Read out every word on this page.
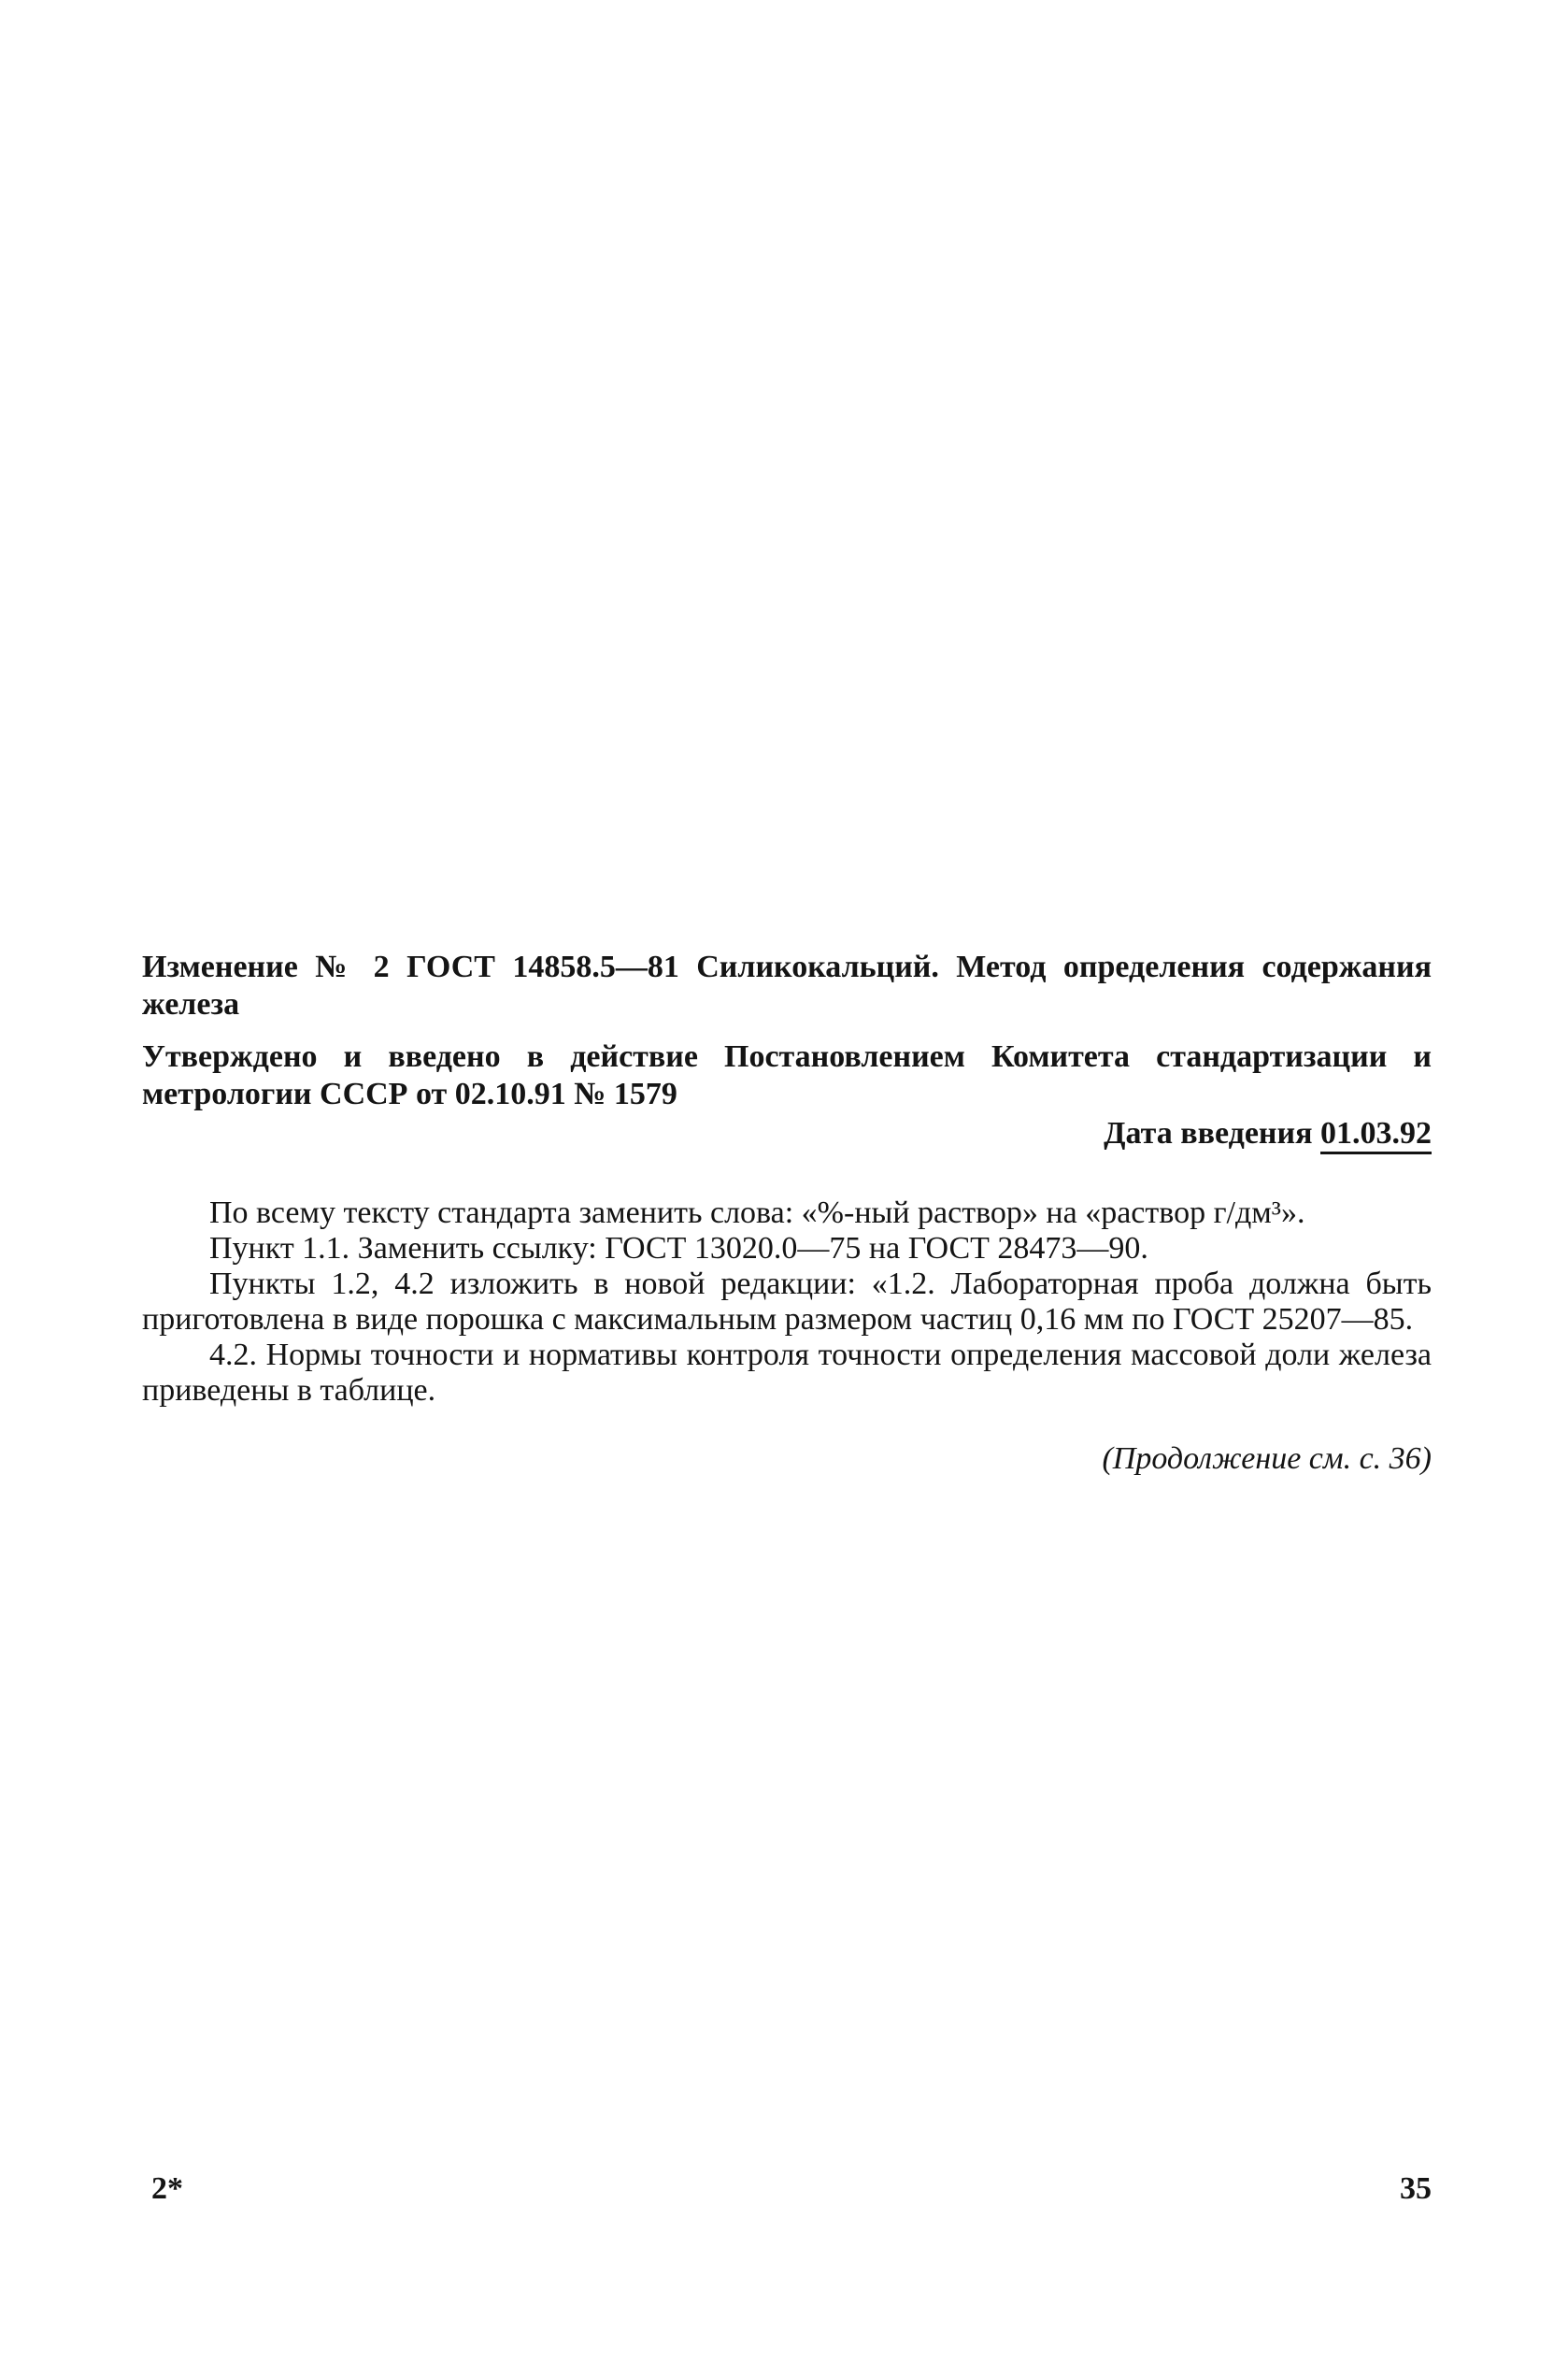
Изменение № 2 ГОСТ 14858.5—81 Силикокальций. Метод определения содержания железа

Утверждено и введено в действие Постановлением Комитета стандартизации и метрологии СССР от 02.10.91 № 1579

Дата введения 01.03.92

По всему тексту стандарта заменить слова: «%-ный раствор» на «раствор г/дм³».

Пункт 1.1. Заменить ссылку: ГОСТ 13020.0—75 на ГОСТ 28473—90.

Пункты 1.2, 4.2 изложить в новой редакции: «1.2. Лабораторная проба должна быть приготовлена в виде порошка с максимальным размером частиц 0,16 мм по ГОСТ 25207—85.

4.2. Нормы точности и нормативы контроля точности определения массовой доли железа приведены в таблице.

(Продолжение см. с. 36)
2*	35
